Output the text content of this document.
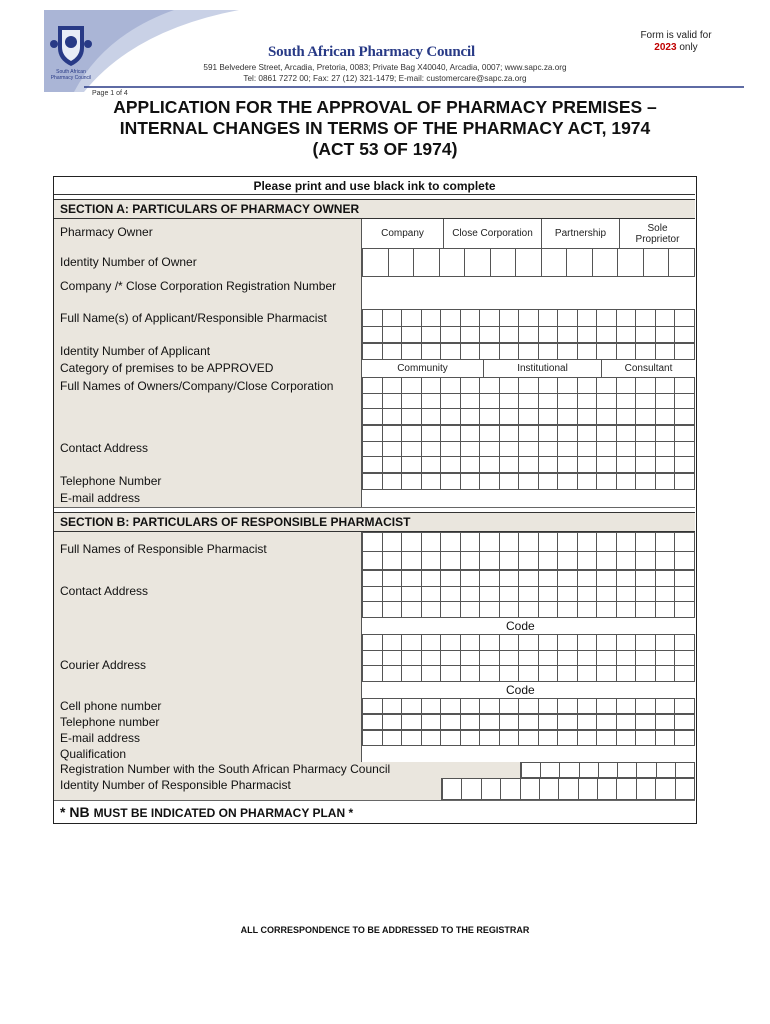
South African
Pharmacy Council
South African Pharmacy Council
591 Belvedere Street, Arcadia, Pretoria, 0083; Private Bag X40040, Arcadia, 0007; www.sapc.za.org
Tel: 0861 7272 00; Fax: 27 (12) 321-1479; E-mail: customercare@sapc.za.org
Form is valid for
2023 only
Page 1 of 4
APPLICATION FOR THE APPROVAL OF PHARMACY PREMISES –
INTERNAL CHANGES IN TERMS OF THE PHARMACY ACT, 1974
(ACT 53 OF 1974)
Please print and use black ink to complete
SECTION A: PARTICULARS OF PHARMACY OWNER
Pharmacy Owner	Company	Close Corporation	Partnership	Sole Proprietor
Identity Number of Owner
Company /* Close Corporation Registration Number
Full Name(s) of Applicant/Responsible Pharmacist
Identity Number of Applicant
Category of premises to be APPROVED	Community	Institutional	Consultant
Full Names of Owners/Company/Close Corporation
Contact Address
Telephone Number
E-mail address
SECTION B: PARTICULARS OF RESPONSIBLE PHARMACIST
Full Names of Responsible Pharmacist
Contact Address
Code
Courier Address
Code
Cell phone number
Telephone number
E-mail address
Qualification
Registration Number with the South African Pharmacy Council
Identity Number of Responsible Pharmacist
* NB MUST BE INDICATED ON PHARMACY PLAN *
ALL CORRESPONDENCE TO BE ADDRESSED TO THE REGISTRAR
